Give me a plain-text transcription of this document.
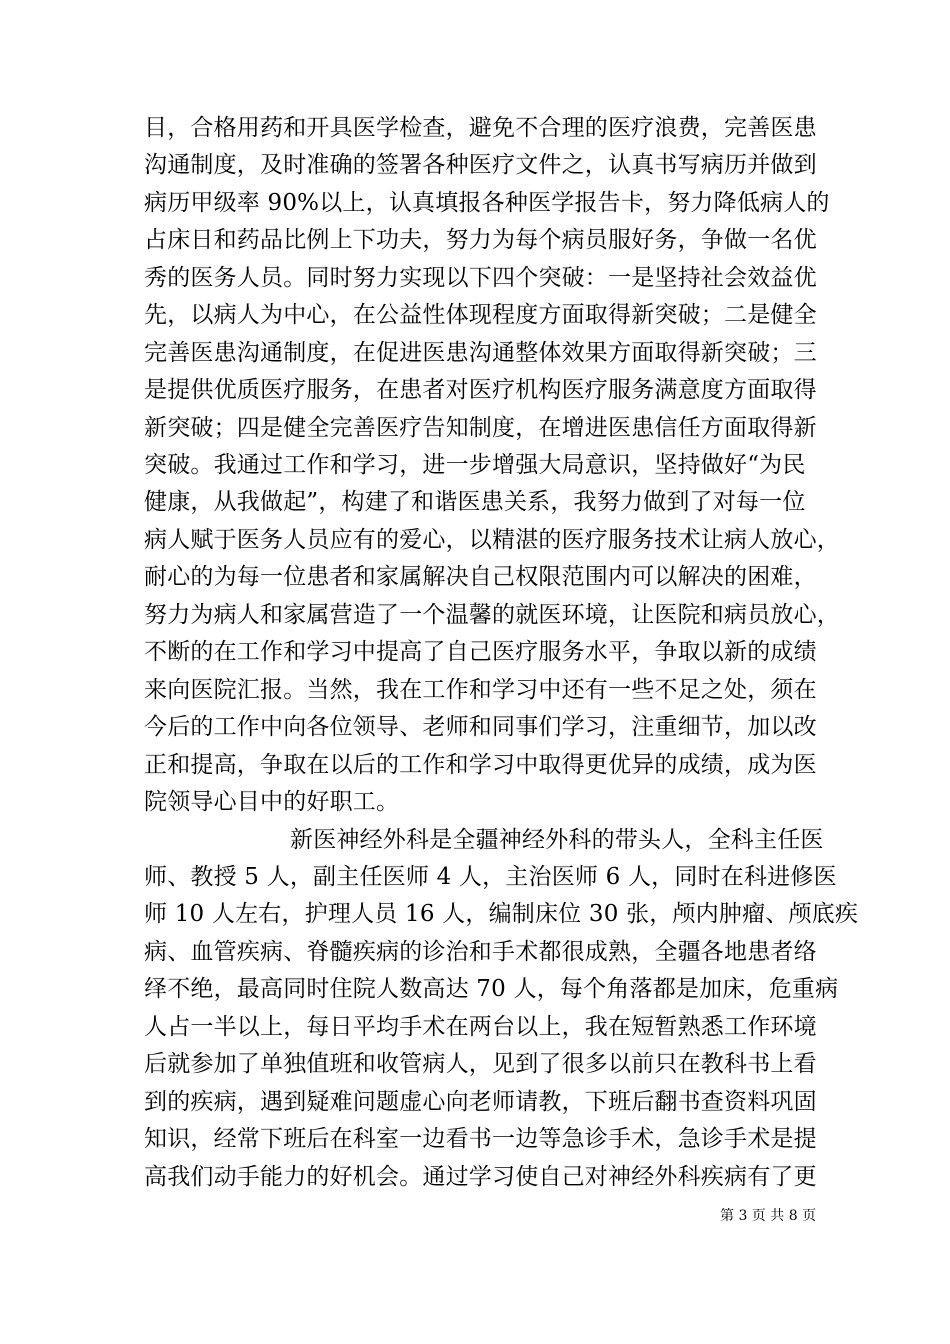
目，合格用药和开具医学检查，避免不合理的医疗浪费，完善医患
沟通制度，及时准确的签署各种医疗文件之，认真书写病历并做到
病历甲级率 90%以上，认真填报各种医学报告卡，努力降低病人的
占床日和药品比例上下功夫，努力为每个病员服好务，争做一名优
秀的医务人员。同时努力实现以下四个突破：一是坚持社会效益优
先，以病人为中心，在公益性体现程度方面取得新突破；二是健全
完善医患沟通制度，在促进医患沟通整体效果方面取得新突破；三
是提供优质医疗服务，在患者对医疗机构医疗服务满意度方面取得
新突破；四是健全完善医疗告知制度，在增进医患信任方面取得新
突破。我通过工作和学习，进一步增强大局意识，坚持做好“为民
健康，从我做起”，构建了和谐医患关系，我努力做到了对每一位
病人赋于医务人员应有的爱心，以精湛的医疗服务技术让病人放心，
耐心的为每一位患者和家属解决自己权限范围内可以解决的困难，
努力为病人和家属营造了一个温馨的就医环境，让医院和病员放心，
不断的在工作和学习中提高了自己医疗服务水平，争取以新的成绩
来向医院汇报。当然，我在工作和学习中还有一些不足之处，须在
今后的工作中向各位领导、老师和同事们学习，注重细节，加以改
正和提高，争取在以后的工作和学习中取得更优异的成绩，成为医
院领导心目中的好职工。
新医神经外科是全疆神经外科的带头人，全科主任医
师、教授 5 人，副主任医师 4 人，主治医师 6 人，同时在科进修医
师 10 人左右，护理人员 16 人，编制床位 30 张，颅内肿瘤、颅底疾
病、血管疾病、脊髓疾病的诊治和手术都很成熟，全疆各地患者络
绎不绝，最高同时住院人数高达 70 人，每个角落都是加床，危重病
人占一半以上，每日平均手术在两台以上，我在短暂熟悉工作环境
后就参加了单独值班和收管病人，见到了很多以前只在教科书上看
到的疾病，遇到疑难问题虚心向老师请教，下班后翻书查资料巩固
知识，经常下班后在科室一边看书一边等急诊手术，急诊手术是提
高我们动手能力的好机会。通过学习使自己对神经外科疾病有了更
第 3 页 共 8 页
